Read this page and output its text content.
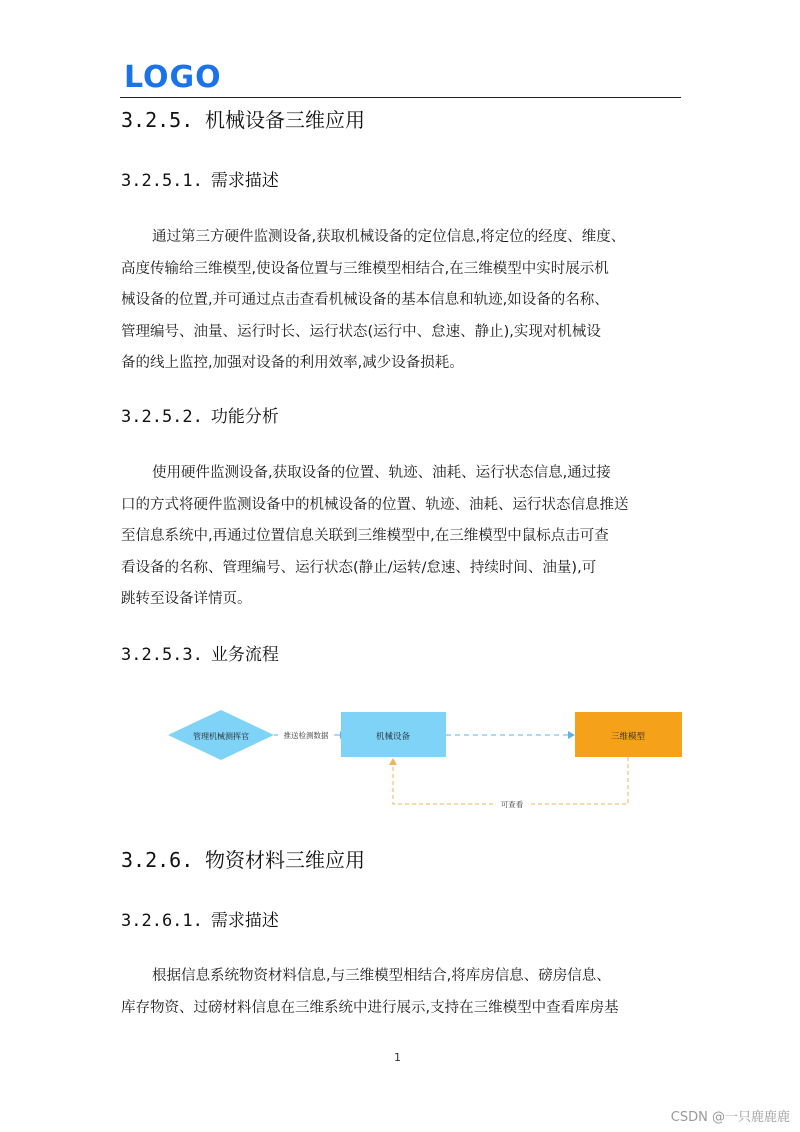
LOGO
3.2.5. 机械设备三维应用
3.2.5.1. 需求描述
通过第三方硬件监测设备,获取机械设备的定位信息,将定位的经度、维度、
高度传输给三维模型,使设备位置与三维模型相结合,在三维模型中实时展示机
械设备的位置,并可通过点击查看机械设备的基本信息和轨迹,如设备的名称、
管理编号、油量、运行时长、运行状态(运行中、怠速、静止),实现对机械设
备的线上监控,加强对设备的利用效率,减少设备损耗。
3.2.5.2. 功能分析
使用硬件监测设备,获取设备的位置、轨迹、油耗、运行状态信息,通过接
口的方式将硬件监测设备中的机械设备的位置、轨迹、油耗、运行状态信息推送
至信息系统中,再通过位置信息关联到三维模型中,在三维模型中鼠标点击可查
看设备的名称、管理编号、运行状态(静止/运转/怠速、持续时间、油量),可
跳转至设备详情页。
3.2.5.3. 业务流程
管理机械测挥官	推送检测数据	机械设备	三维模型
可查看
3.2.6. 物资材料三维应用
3.2.6.1. 需求描述
根据信息系统物资材料信息,与三维模型相结合,将库房信息、磅房信息、
库存物资、过磅材料信息在三维系统中进行展示,支持在三维模型中查看库房基
1
CSDN @一只鹿鹿鹿
